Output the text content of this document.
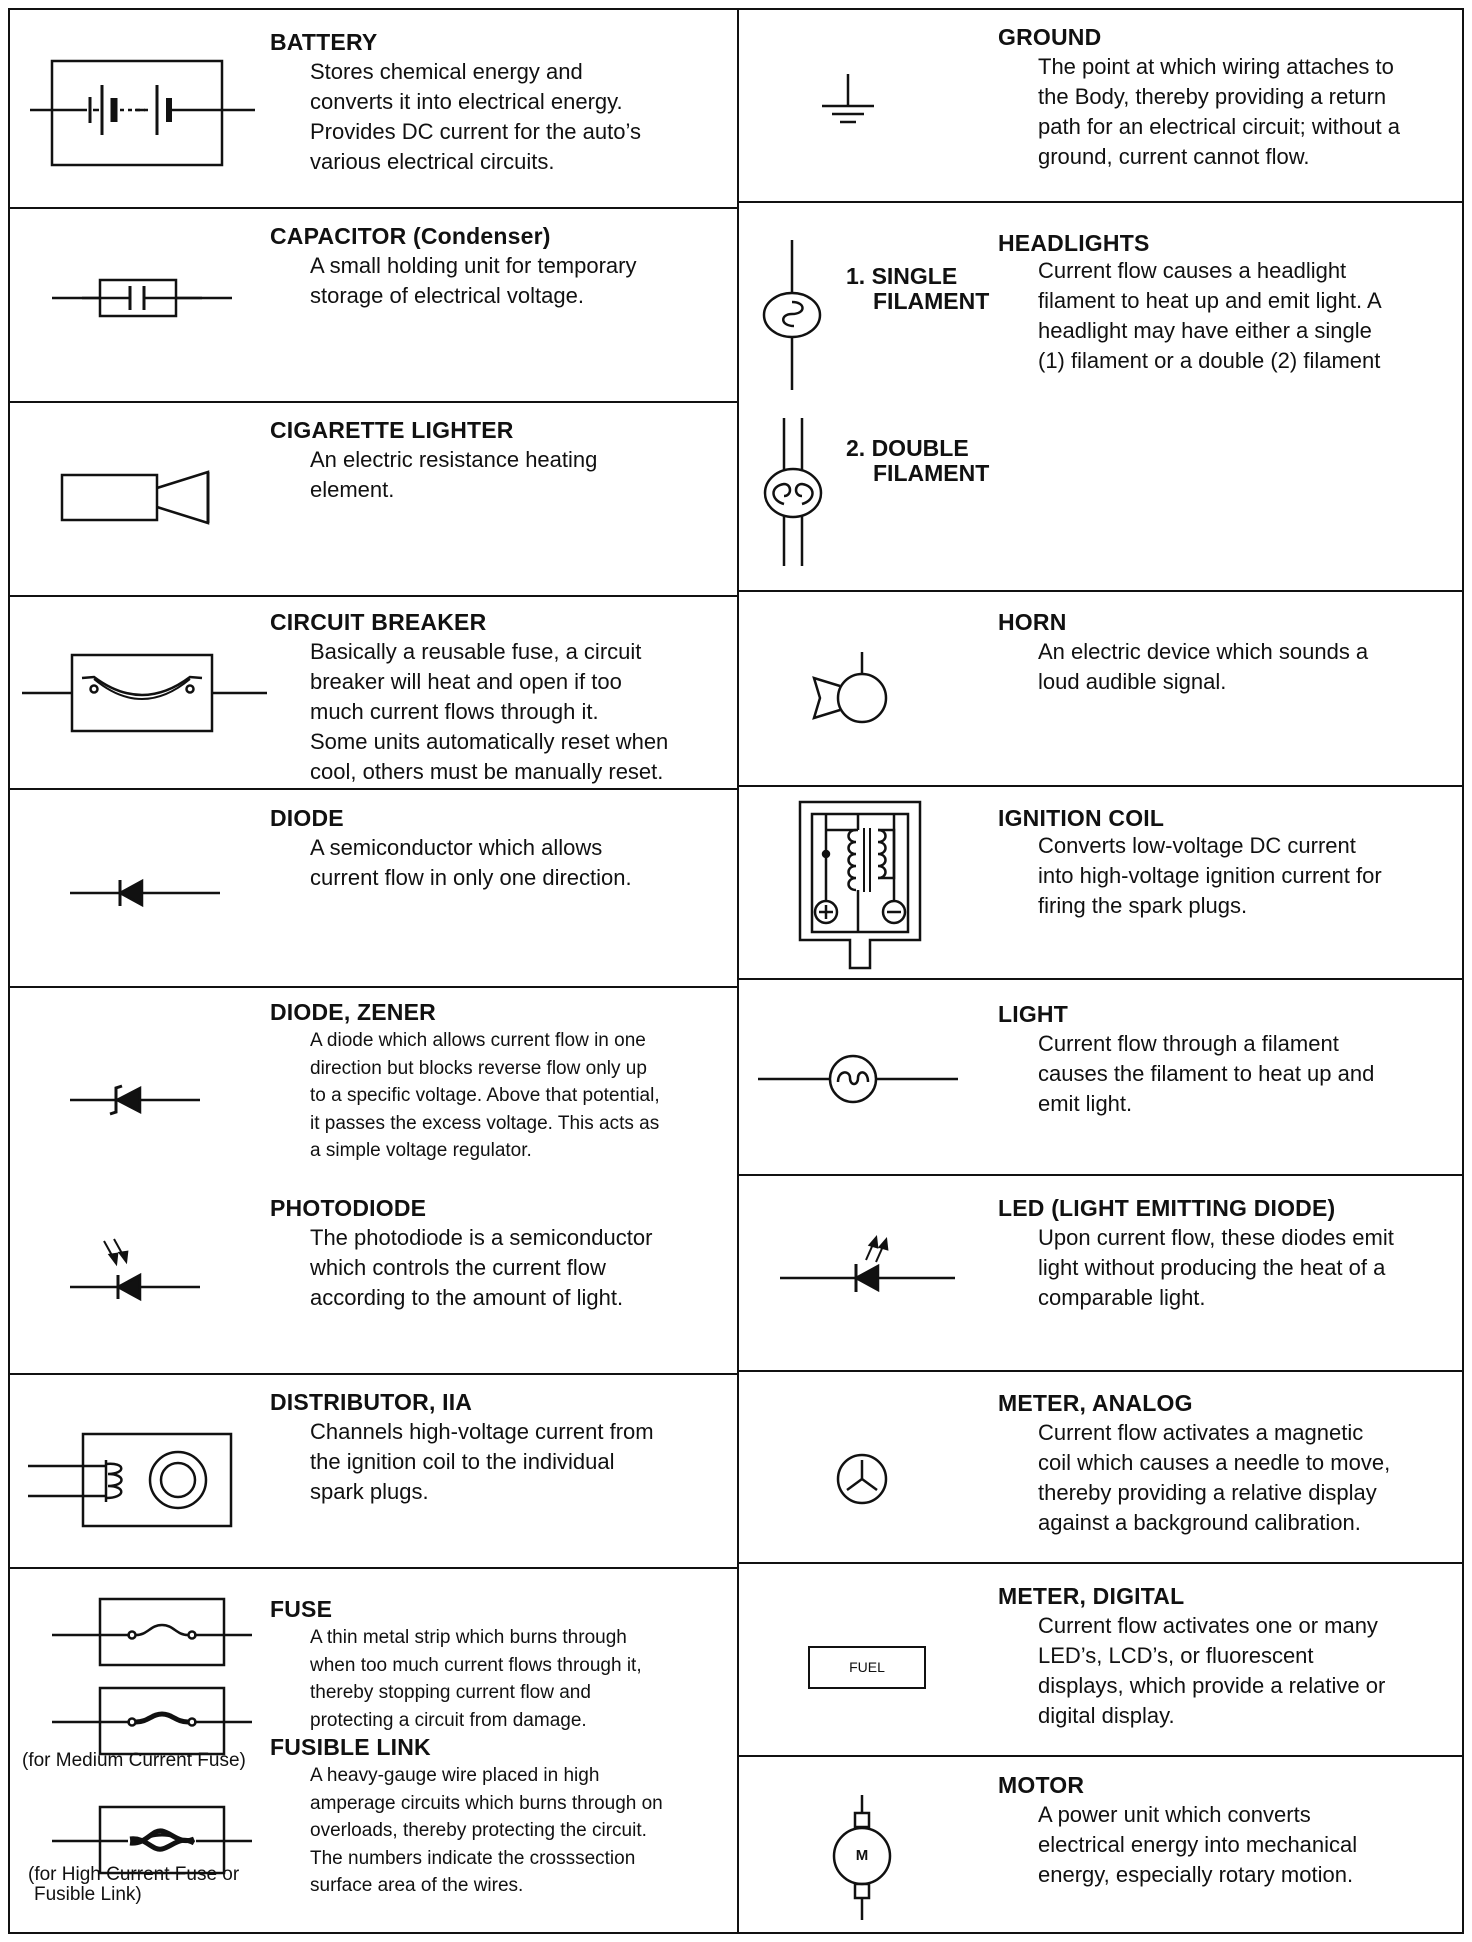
BATTERY
Stores chemical energy and
converts it into electrical energy.
Provides DC current for the auto’s
various electrical circuits.
CAPACITOR (Condenser)
A small holding unit for temporary
storage of electrical voltage.
CIGARETTE LIGHTER
An electric resistance heating
element.
CIRCUIT BREAKER
Basically a reusable fuse, a circuit
breaker will heat and open if too
much current flows through it.
Some units automatically reset when
cool, others must be manually reset.
DIODE
A semiconductor which allows
current flow in only one direction.
DIODE, ZENER
A diode which allows current flow in one
direction but blocks reverse flow only up
to a specific voltage. Above that potential,
it passes the excess voltage. This acts as
a simple voltage regulator.
PHOTODIODE
The photodiode is a semiconductor
which controls the current flow
according to the amount of light.
DISTRIBUTOR, IIA
Channels high-voltage current from
the ignition coil to the individual
spark plugs.
(for Medium Current Fuse)
(for High Current Fuse or
Fusible Link)
FUSE
A thin metal strip which burns through
when too much current flows through it,
thereby stopping current flow and
protecting a circuit from damage.
FUSIBLE LINK
A heavy-gauge wire placed in high
amperage circuits which burns through on
overloads, thereby protecting the circuit.
The numbers indicate the crosssection
surface area of the wires.
GROUND
The point at which wiring attaches to
the Body, thereby providing a return
path for an electrical circuit; without a
ground, current cannot flow.
1. SINGLE
FILAMENT
2. DOUBLE
FILAMENT
HEADLIGHTS
Current flow causes a headlight
filament to heat up and emit light. A
headlight may have either a single
(1) filament or a double (2) filament
HORN
An electric device which sounds a
loud audible signal.
IGNITION COIL
Converts low-voltage DC current
into high-voltage ignition current for
firing the spark plugs.
LIGHT
Current flow through a filament
causes the filament to heat up and
emit light.
LED (LIGHT EMITTING DIODE)
Upon current flow, these diodes emit
light without producing the heat of a
comparable light.
METER, ANALOG
Current flow activates a magnetic
coil which causes a needle to move,
thereby providing a relative display
against a background calibration.
FUEL
METER, DIGITAL
Current flow activates one or many
LED’s, LCD’s, or fluorescent
displays, which provide a relative or
digital display.
M
MOTOR
A power unit which converts
electrical energy into mechanical
energy, especially rotary motion.
